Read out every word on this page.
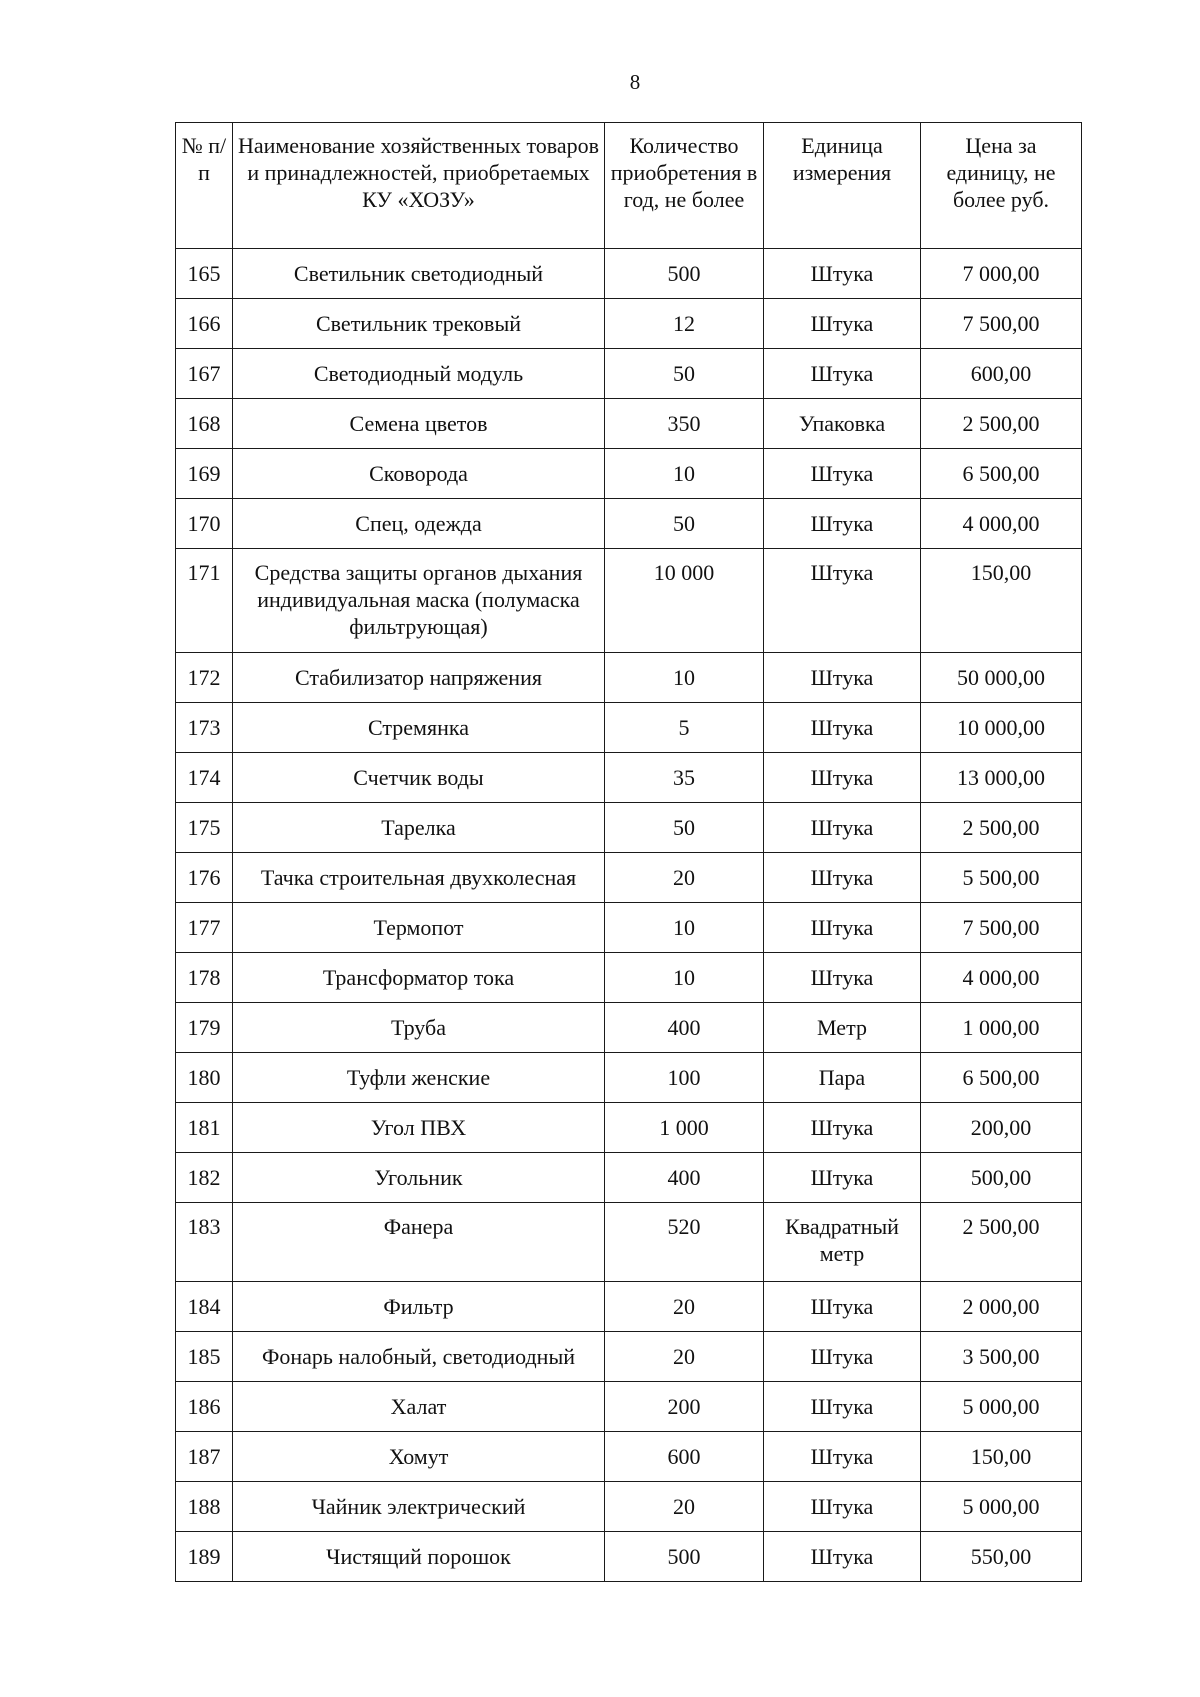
8
№ п/п	Наименование хозяйственных товаров и принадлежностей, приобретаемых КУ «ХОЗУ»	Количество приобретения в год, не более	Единица измерения	Цена за единицу, не более руб.
165	Светильник светодиодный	500	Штука	7 000,00
166	Светильник трековый	12	Штука	7 500,00
167	Светодиодный модуль	50	Штука	600,00
168	Семена цветов	350	Упаковка	2 500,00
169	Сковорода	10	Штука	6 500,00
170	Спец, одежда	50	Штука	4 000,00
171	Средства защиты органов дыхания индивидуальная маска (полумаска фильтрующая)	10 000	Штука	150,00
172	Стабилизатор напряжения	10	Штука	50 000,00
173	Стремянка	5	Штука	10 000,00
174	Счетчик воды	35	Штука	13 000,00
175	Тарелка	50	Штука	2 500,00
176	Тачка строительная двухколесная	20	Штука	5 500,00
177	Термопот	10	Штука	7 500,00
178	Трансформатор тока	10	Штука	4 000,00
179	Труба	400	Метр	1 000,00
180	Туфли женские	100	Пара	6 500,00
181	Угол ПВХ	1 000	Штука	200,00
182	Угольник	400	Штука	500,00
183	Фанера	520	Квадратный метр	2 500,00
184	Фильтр	20	Штука	2 000,00
185	Фонарь налобный, светодиодный	20	Штука	3 500,00
186	Халат	200	Штука	5 000,00
187	Хомут	600	Штука	150,00
188	Чайник электрический	20	Штука	5 000,00
189	Чистящий порошок	500	Штука	550,00
